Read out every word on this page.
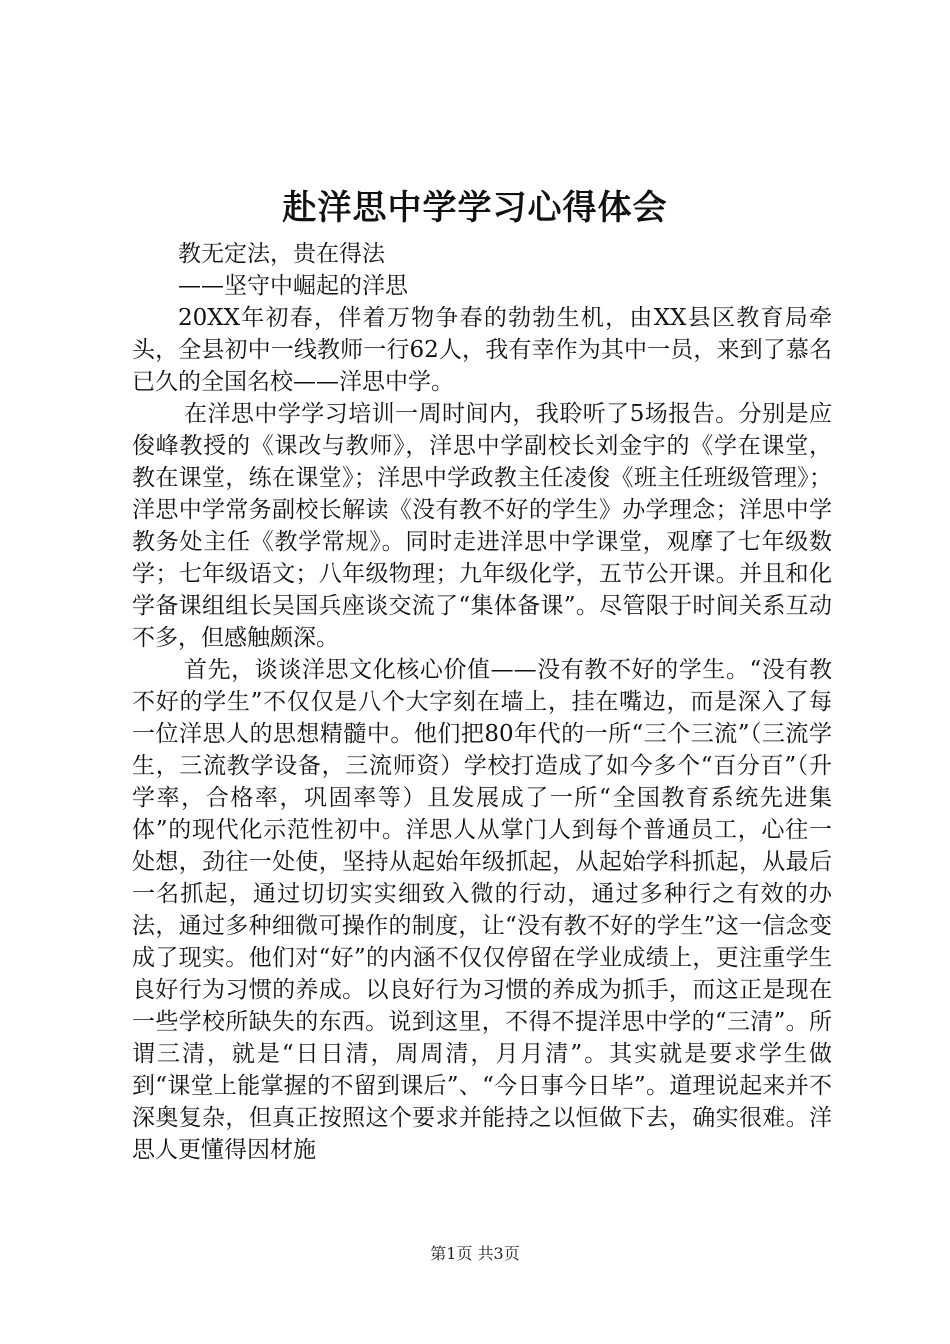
赴洋思中学学习心得体会

教无定法，贵在得法

——坚守中崛起的洋思

20XX年初春，伴着万物争春的勃勃生机，由XX县区教育局牵头，全县初中一线教师一行62人，我有幸作为其中一员，来到了慕名已久的全国名校——洋思中学。

在洋思中学学习培训一周时间内，我聆听了5场报告。分别是应俊峰教授的《课改与教师》，洋思中学副校长刘金宇的《学在课堂，教在课堂，练在课堂》；洋思中学政教主任凌俊《班主任班级管理》；洋思中学常务副校长解读《没有教不好的学生》办学理念；洋思中学教务处主任《教学常规》。同时走进洋思中学课堂，观摩了七年级数学；七年级语文；八年级物理；九年级化学，五节公开课。并且和化学备课组组长吴国兵座谈交流了“集体备课”。尽管限于时间关系互动不多，但感触颇深。

首先，谈谈洋思文化核心价值——没有教不好的学生。“没有教不好的学生”不仅仅是八个大字刻在墙上，挂在嘴边，而是深入了每一位洋思人的思想精髓中。他们把80年代的一所“三个三流”（三流学生，三流教学设备，三流师资）学校打造成了如今多个“百分百”（升学率，合格率，巩固率等）且发展成了一所“全国教育系统先进集体”的现代化示范性初中。洋思人从掌门人到每个普通员工，心往一处想，劲往一处使，坚持从起始年级抓起，从起始学科抓起，从最后一名抓起，通过切切实实细致入微的行动，通过多种行之有效的办法，通过多种细微可操作的制度，让“没有教不好的学生”这一信念变成了现实。他们对“好”的内涵不仅仅停留在学业成绩上，更注重学生良好行为习惯的养成。以良好行为习惯的养成为抓手，而这正是现在一些学校所缺失的东西。说到这里，不得不提洋思中学的“三清”。所谓三清，就是“日日清，周周清，月月清”。其实就是要求学生做到“课堂上能掌握的不留到课后”、“今日事今日毕”。道理说起来并不深奥复杂，但真正按照这个要求并能持之以恒做下去，确实很难。洋思人更懂得因材施

第1页 共3页
